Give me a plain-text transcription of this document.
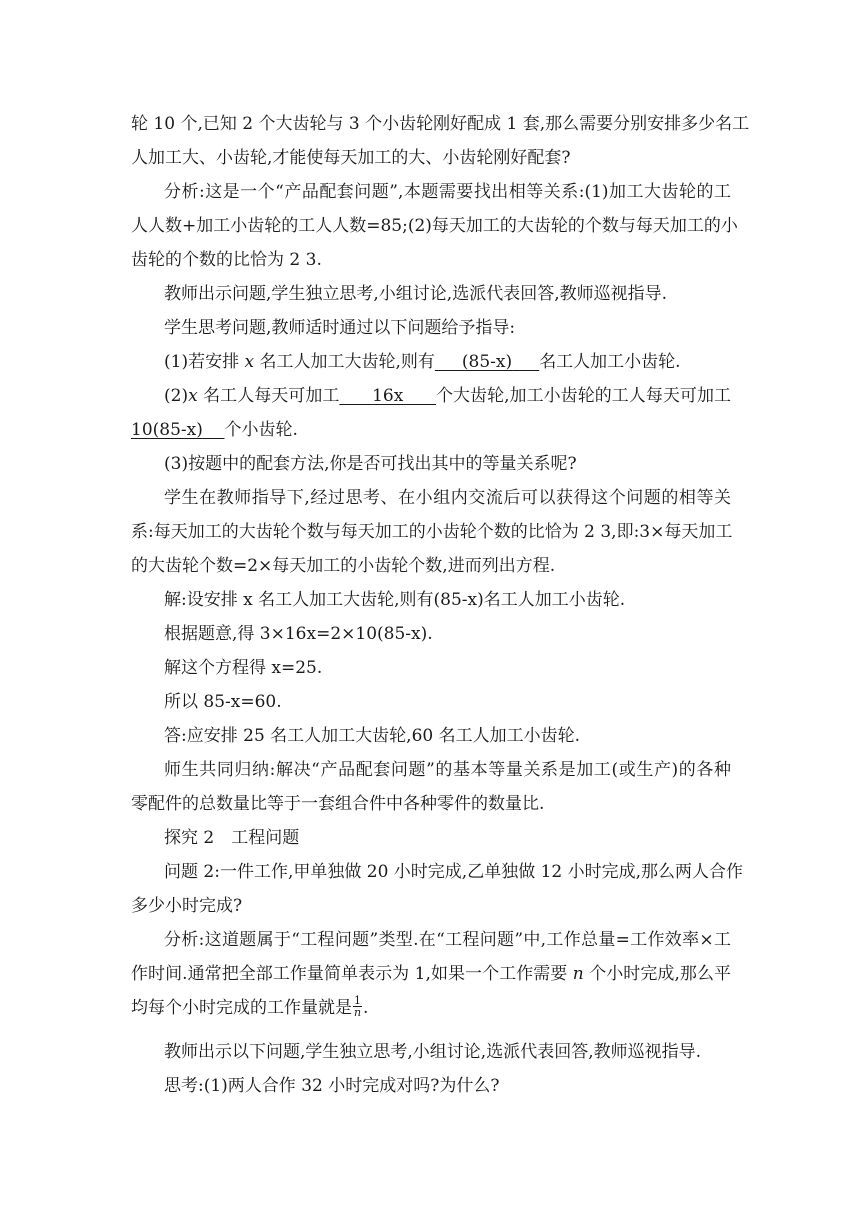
轮 10 个,已知 2 个大齿轮与 3 个小齿轮刚好配成 1 套,那么需要分别安排多少名工
人加工大、小齿轮,才能使每天加工的大、小齿轮刚好配套?
分析:这是一个“产品配套问题”,本题需要找出相等关系:(1)加工大齿轮的工
人人数+加工小齿轮的工人人数=85;(2)每天加工的大齿轮的个数与每天加工的小
齿轮的个数的比恰为 2 3.
教师出示问题,学生独立思考,小组讨论,选派代表回答,教师巡视指导.
学生思考问题,教师适时通过以下问题给予指导:
(1)若安排 x 名工人加工大齿轮,则有 (85-x) 名工人加工小齿轮.
(2)x 名工人每天可加工 16x 个大齿轮,加工小齿轮的工人每天可加工
10(85-x) 个小齿轮.
(3)按题中的配套方法,你是否可找出其中的等量关系呢?
学生在教师指导下,经过思考、在小组内交流后可以获得这个问题的相等关
系:每天加工的大齿轮个数与每天加工的小齿轮个数的比恰为 2 3,即:3×每天加工
的大齿轮个数=2×每天加工的小齿轮个数,进而列出方程.
解:设安排 x 名工人加工大齿轮,则有(85-x)名工人加工小齿轮.
根据题意,得 3×16x=2×10(85-x).
解这个方程得 x=25.
所以 85-x=60.
答:应安排 25 名工人加工大齿轮,60 名工人加工小齿轮.
师生共同归纳:解决“产品配套问题”的基本等量关系是加工(或生产)的各种
零配件的总数量比等于一套组合件中各种零件的数量比.
探究 2　工程问题
问题 2:一件工作,甲单独做 20 小时完成,乙单独做 12 小时完成,那么两人合作
多少小时完成?
分析:这道题属于“工程问题”类型.在“工程问题”中,工作总量=工作效率×工
作时间.通常把全部工作量简单表示为 1,如果一个工作需要 n 个小时完成,那么平
均每个小时完成的工作量就是 $\frac{1}{n}$ .
教师出示以下问题,学生独立思考,小组讨论,选派代表回答,教师巡视指导.
思考:(1)两人合作 32 小时完成对吗?为什么?
